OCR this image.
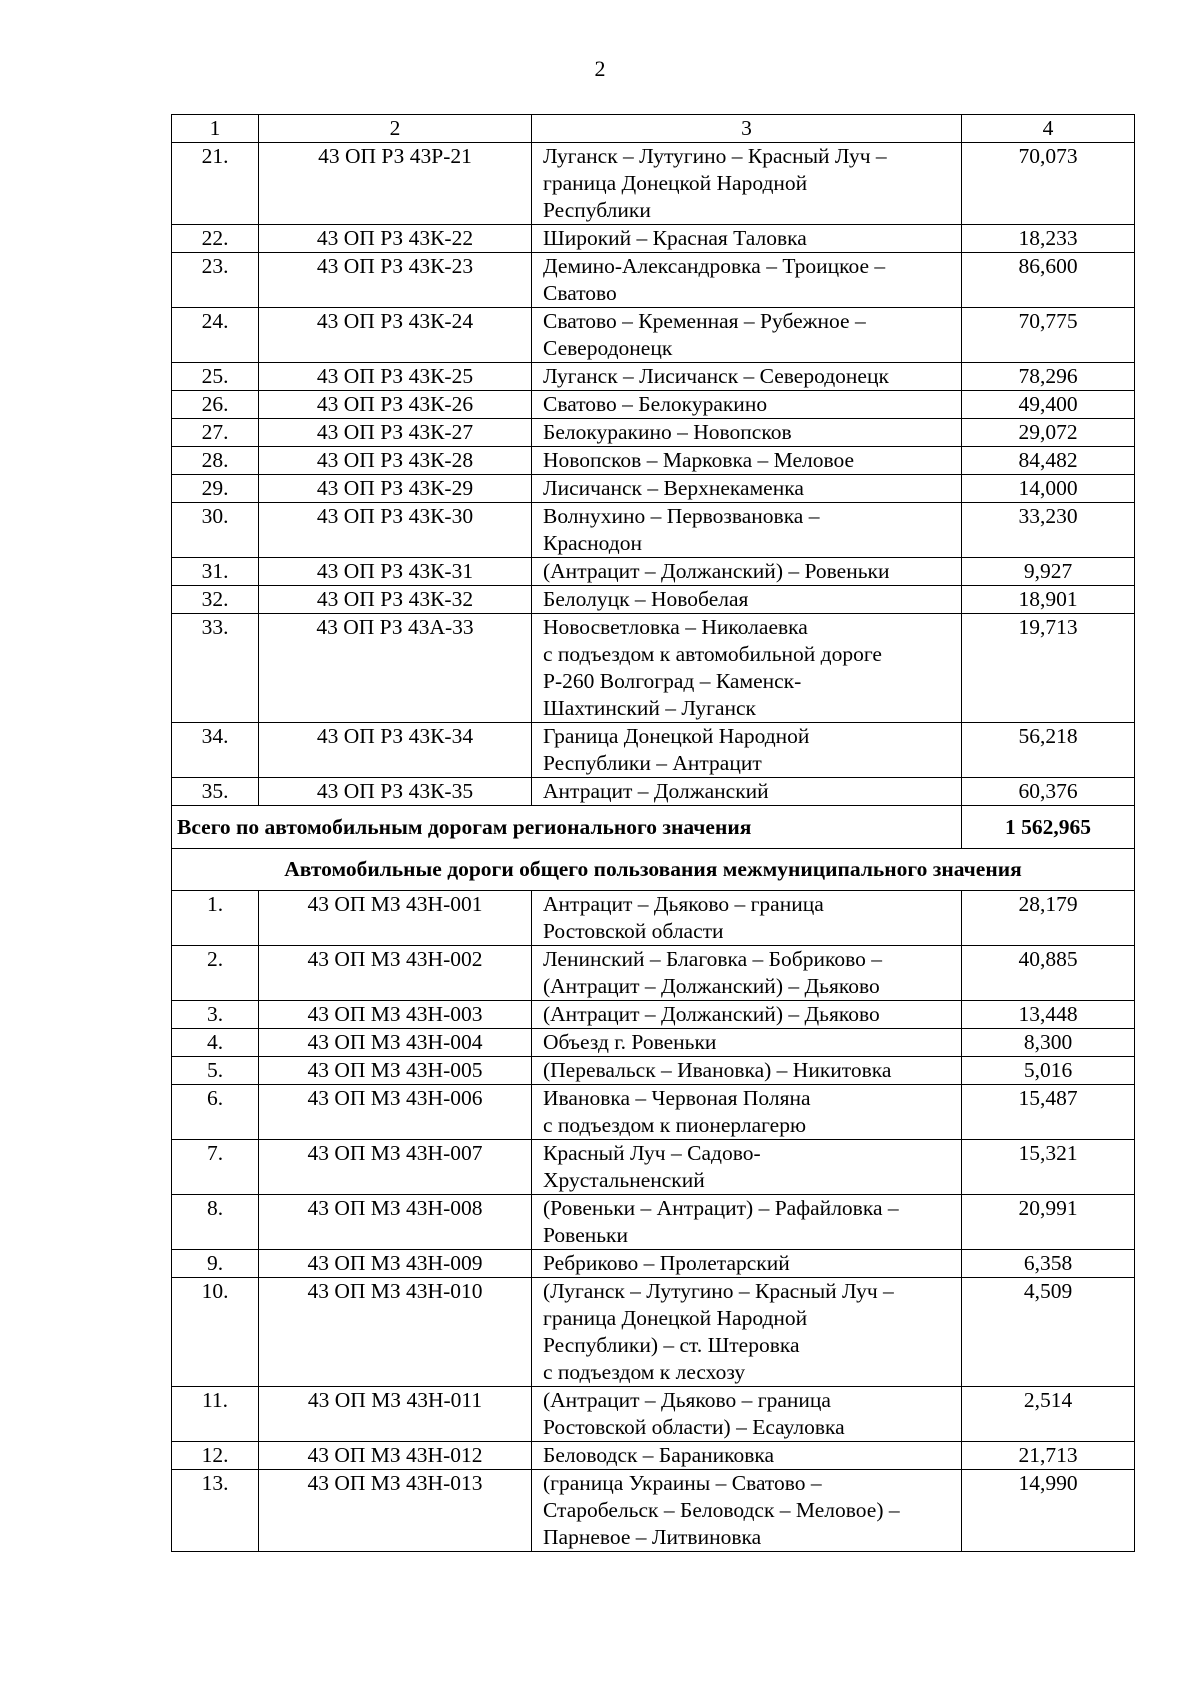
2
1	2	3	4
21.	43 ОП РЗ 43Р-21	Луганск – Лутугино – Красный Луч –
граница Донецкой Народной
Республики	70,073
22.	43 ОП РЗ 43К-22	Широкий – Красная Таловка	18,233
23.	43 ОП РЗ 43К-23	Демино-Александровка – Троицкое –
Сватово	86,600
24.	43 ОП РЗ 43К-24	Сватово – Кременная – Рубежное –
Северодонецк	70,775
25.	43 ОП РЗ 43К-25	Луганск – Лисичанск – Северодонецк	78,296
26.	43 ОП РЗ 43К-26	Сватово – Белокуракино	49,400
27.	43 ОП РЗ 43К-27	Белокуракино – Новопсков	29,072
28.	43 ОП РЗ 43К-28	Новопсков – Марковка – Меловое	84,482
29.	43 ОП РЗ 43К-29	Лисичанск – Верхнекаменка	14,000
30.	43 ОП РЗ 43К-30	Волнухино – Первозвановка –
Краснодон	33,230
31.	43 ОП РЗ 43К-31	(Антрацит – Должанский) – Ровеньки	9,927
32.	43 ОП РЗ 43К-32	Белолуцк – Новобелая	18,901
33.	43 ОП РЗ 43А-33	Новосветловка – Николаевка
с подъездом к автомобильной дороге
Р-260 Волгоград – Каменск-
Шахтинский – Луганск	19,713
34.	43 ОП РЗ 43К-34	Граница Донецкой Народной
Республики – Антрацит	56,218
35.	43 ОП РЗ 43К-35	Антрацит – Должанский	60,376
Всего по автомобильным дорогам регионального значения			1 562,965
Автомобильные дороги общего пользования межмуниципального значения			
1.	43 ОП МЗ 43Н-001	Антрацит – Дьяково – граница
Ростовской области	28,179
2.	43 ОП МЗ 43Н-002	Ленинский – Благовка – Бобриково –
(Антрацит – Должанский) – Дьяково	40,885
3.	43 ОП МЗ 43Н-003	(Антрацит – Должанский) – Дьяково	13,448
4.	43 ОП МЗ 43Н-004	Объезд г. Ровеньки	8,300
5.	43 ОП МЗ 43Н-005	(Перевальск – Ивановка) – Никитовка	5,016
6.	43 ОП МЗ 43Н-006	Ивановка – Червоная Поляна
с подъездом к пионерлагерю	15,487
7.	43 ОП МЗ 43Н-007	Красный Луч – Садово-
Хрустальненский	15,321
8.	43 ОП МЗ 43Н-008	(Ровеньки – Антрацит) – Рафайловка –
Ровеньки	20,991
9.	43 ОП МЗ 43Н-009	Ребриково – Пролетарский	6,358
10.	43 ОП МЗ 43Н-010	(Луганск – Лутугино – Красный Луч –
граница Донецкой Народной
Республики) – ст. Штеровка
с подъездом к лесхозу	4,509
11.	43 ОП МЗ 43Н-011	(Антрацит – Дьяково – граница
Ростовской области) – Есауловка	2,514
12.	43 ОП МЗ 43Н-012	Беловодск – Бараниковка	21,713
13.	43 ОП МЗ 43Н-013	(граница Украины – Сватово –
Старобельск – Беловодск – Меловое) –
Парневое – Литвиновка	14,990
